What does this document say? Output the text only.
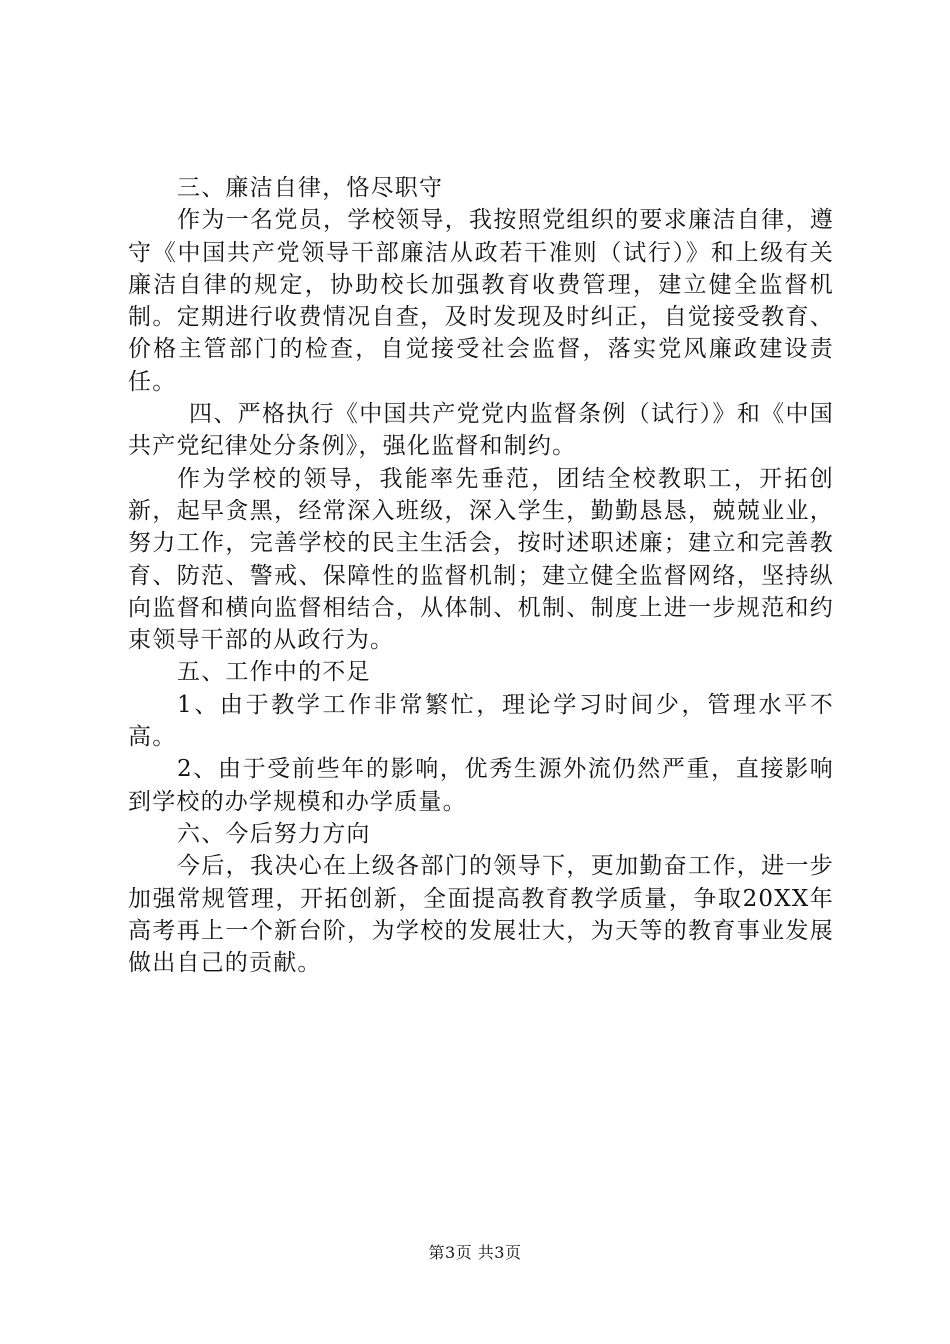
三、廉洁自律，恪尽职守

作为一名党员，学校领导，我按照党组织的要求廉洁自律，遵守《中国共产党领导干部廉洁从政若干准则（试行）》和上级有关廉洁自律的规定，协助校长加强教育收费管理，建立健全监督机制。定期进行收费情况自查，及时发现及时纠正，自觉接受教育、价格主管部门的检查，自觉接受社会监督，落实党风廉政建设责任。

四、严格执行《中国共产党党内监督条例（试行）》和《中国共产党纪律处分条例》，强化监督和制约。

作为学校的领导，我能率先垂范，团结全校教职工，开拓创新，起早贪黑，经常深入班级，深入学生，勤勤恳恳，兢兢业业，努力工作，完善学校的民主生活会，按时述职述廉；建立和完善教育、防范、警戒、保障性的监督机制；建立健全监督网络，坚持纵向监督和横向监督相结合，从体制、机制、制度上进一步规范和约束领导干部的从政行为。

五、工作中的不足

1、由于教学工作非常繁忙，理论学习时间少，管理水平不高。

2、由于受前些年的影响，优秀生源外流仍然严重，直接影响到学校的办学规模和办学质量。

六、今后努力方向

今后，我决心在上级各部门的领导下，更加勤奋工作，进一步加强常规管理，开拓创新，全面提高教育教学质量，争取20XX年高考再上一个新台阶，为学校的发展壮大，为天等的教育事业发展做出自己的贡献。

第3页 共3页
